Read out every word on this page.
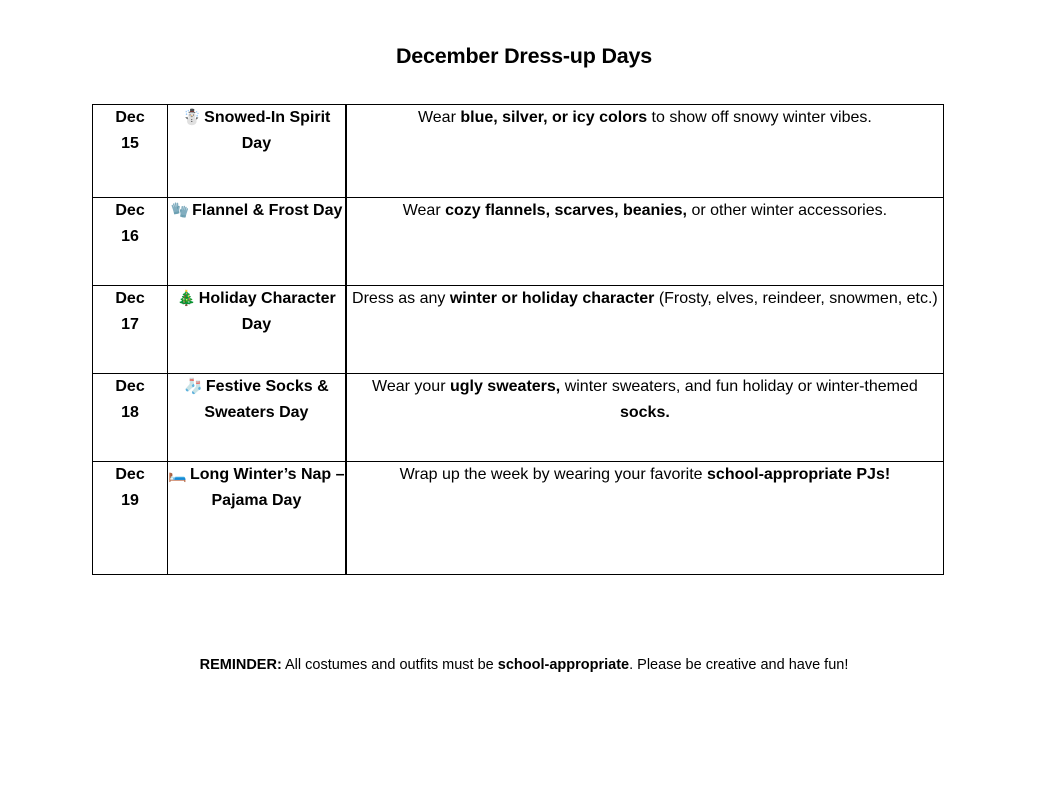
December Dress-up Days
Dec
15	☃️ Snowed-In Spirit Day	Wear blue, silver, or icy colors to show off snowy winter vibes.

Dec
16	🧤 Flannel & Frost Day	Wear cozy flannels, scarves, beanies, or other winter accessories.

Dec
17	🎄 Holiday Character Day	Dress as any winter or holiday character (Frosty, elves, reindeer, snowmen, etc.)

Dec
18	🧦 Festive Socks & Sweaters Day	Wear your ugly sweaters, winter sweaters, and fun holiday or winter-themed socks.

Dec
19	🛏️ Long Winter’s Nap – Pajama Day	Wrap up the week by wearing your favorite school-appropriate PJs!
REMINDER: All costumes and outfits must be school-appropriate. Please be creative and have fun!
